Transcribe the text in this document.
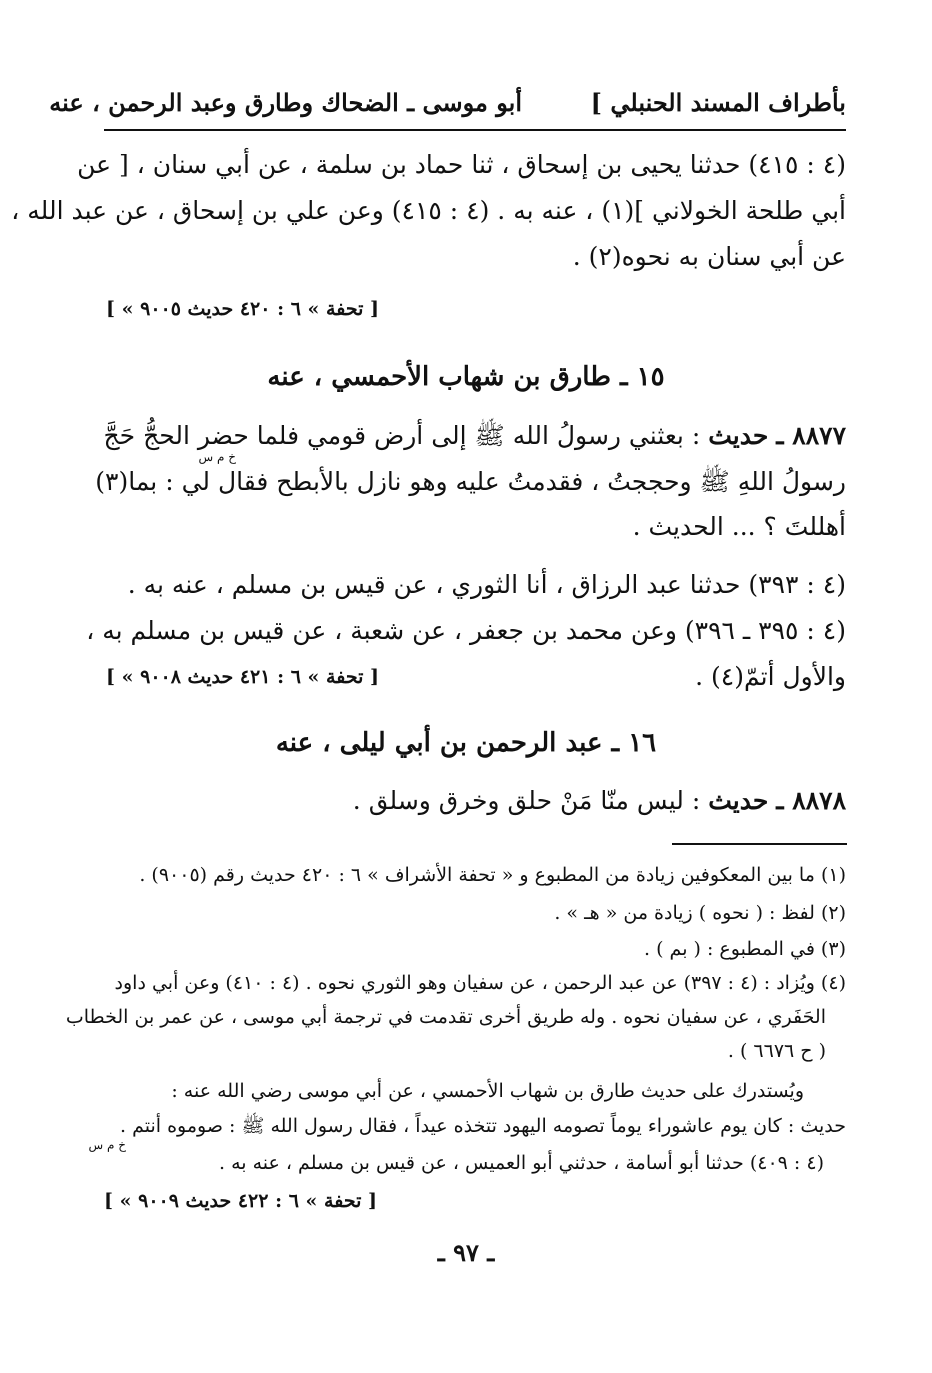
بأطراف المسند الحنبلي ]
أبو موسى ـ الضحاك وطارق وعبد الرحمن ، عنه
(٤ : ٤١٥) حدثنا يحيى بن إسحاق ، ثنا حماد بن سلمة ، عن أبي سنان ، [ عن
أبي طلحة الخولاني ](١) ، عنه به . (٤ : ٤١٥) وعن علي بن إسحاق ، عن عبد الله ،
عن أبي سنان به نحوه(٢) .
[ « تحفة » ٦ : ٤٢٠ حديث ٩٠٠٥ ]
١٥ ـ طارق بن شهاب الأحمسي ، عنه
٨٨٧٧ ـ حديث : بعثني رسولُ الله ﷺ إلى أرض قومي فلما حضر الحجُّ حَجَّ
خ م س
رسولُ اللهِ ﷺ وحججتُ ، فقدمتُ عليه وهو نازل بالأبطح فقال لي : بما(٣)
أهللتَ ؟ ... الحديث .
(٤ : ٣٩٣) حدثنا عبد الرزاق ، أنا الثوري ، عن قيس بن مسلم ، عنه به .
(٤ : ٣٩٥ ـ ٣٩٦) وعن محمد بن جعفر ، عن شعبة ، عن قيس بن مسلم به ،
والأول أتمّ(٤) .
[ « تحفة » ٦ : ٤٢١ حديث ٩٠٠٨ ]
١٦ ـ عبد الرحمن بن أبي ليلى ، عنه
٨٨٧٨ ـ حديث : ليس منّا مَنْ حلق وخرق وسلق .
(١) ما بين المعكوفين زيادة من المطبوع و « تحفة الأشراف » ٦ : ٤٢٠ حديث رقم (٩٠٠٥) .
(٢) لفظ : ( نحوه ) زيادة من « هـ » .
(٣) في المطبوع : ( بم ) .
(٤) ويُزاد : (٤ : ٣٩٧) عن عبد الرحمن ، عن سفيان وهو الثوري نحوه . (٤ : ٤١٠) وعن أبي داود
الحَفَري ، عن سفيان نحوه . وله طريق أخرى تقدمت في ترجمة أبي موسى ، عن عمر بن الخطاب
( ح ٦٦٧٦ ) .
ويُستدرك على حديث طارق بن شهاب الأحمسي ، عن أبي موسى رضي الله عنه :
حديث : كان يوم عاشوراء يوماً تصومه اليهود تتخذه عيداً ، فقال رسول الله ﷺ : صوموه أنتم .
خ م س
(٤ : ٤٠٩) حدثنا أبو أسامة ، حدثني أبو العميس ، عن قيس بن مسلم ، عنه به .
[ « تحفة » ٦ : ٤٢٢ حديث ٩٠٠٩ ]
ـ ٩٧ ـ
